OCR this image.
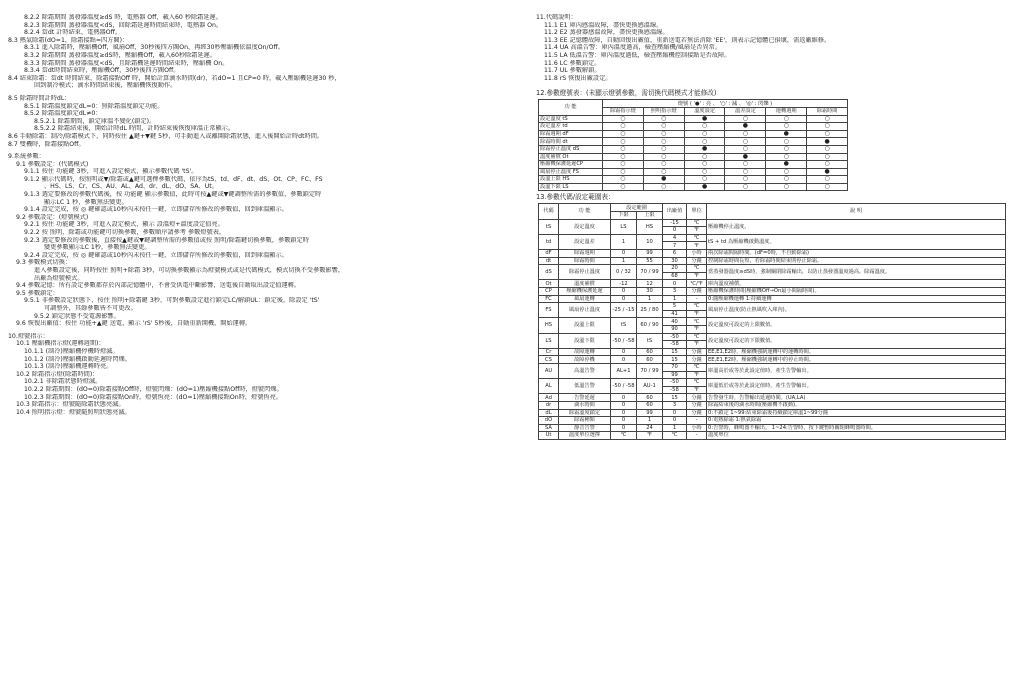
8.2.2 除霜期間 蒸發器溫度≥dS 時，電熱器 Off，載入60 秒除霜延遲。
8.2.3 除霜期間 蒸發器溫度<dS，回除霜延遲時間結束時，電熱器 On。
8.2.4 當dt 計時結束，電熱器Off。
8.3 熱氣除霜(dO=1，除霜接點=四方閥)：
8.3.1 進入除霜時，壓縮機Off，風扇Off，30秒後四方閥On，再經30秒壓縮機依溫度On/Off。
8.3.2 除霜期間 蒸發器溫度≥dS時，壓縮機Off，載入60秒除霜延遲。
8.3.3 除霜期間 蒸發器溫度<dS，且除霜機延遲時間結束時，壓縮機 On。
8.3.4 當dt時間結束時，壓縮機Off，30秒後四方閥Off。
8.4 結束除霜：當dt 時間結束，除霜接點Off 時，開始計算滴水時間(dr)，若dO=1 且CP=0 時，載入壓縮機延遲30 秒，
回到制冷模式；滴水時間結束後，壓縮機恢復動作。
8.5 除霜時間計時dL：
8.5.1 除霜溫度鎖定dL=0：無除霜溫度鎖定功能。
8.5.2 除霜溫度鎖定dL≠0：
8.5.2.1 除霜期間，鎖定庫溫不變化(鎖定)。
8.5.2.2 除霜結束後，開始計時dL 時間，計時結束後恢復庫溫正常顯示。
8.6 手動除霜：制冷/除霜模式下，同時按住 ▲鍵+▼鍵 5秒，可手動進入或離開除霜狀態，進入後開始計時dt時間。
8.7 雙機時，除霜接點Off。
9.系統參數：
9.1 參數設定：(代碼模式)
9.1.1 按住 功能鍵 3秒，可進入設定模式，顯示參數代碼 'tS'。
9.1.2 顯示代碼時，按照明或▼/除霜或▲鍵可選擇參數代碼，依序為tS、td、dF、dt、dS、Ot、CP、FC、FS
、HS、LS、Cr、CS、AU、AL、Ad、dr、dL、dO、SA、Ut。
9.1.3 選定要修改的參數代碼後，按 功能鍵 顯示參數值，此時可按▲鍵或▼鍵調整所需的參數值，參數鎖定時
顯示LC 1 秒，參數無法變更。
9.1.4 設定完成，按 ◎ 鍵確認或10秒內未按任一鍵，立即儲存所修改的參數值，回到庫溫顯示。
9.2 參數設定：(燈號模式)
9.2.1 按住 功能鍵 3秒，可進入設定模式，顯示 設溫燈+溫度設定值亮。
9.2.2 按 照明、除霜或功能鍵可切換參數，參數順序請參考 參數燈號表。
9.2.3 選定要修改的參數後，直接按▲鍵或▼鍵調整所需的參數值或按 照明/除霜鍵切換參數，參數鎖定時
變更參數顯示LC 1秒，參數無法變更。
9.2.4 設定完成，按 ◎ 鍵確認或10秒內未按任一鍵，立即儲存所修改的參數值，回到庫溫顯示。
9.3 參數模式切換：
進入參數設定後，同時按住 照明+除霜 3秒，可切換參數顯示為燈號模式或是代碼模式，模式切換不受參數影響，
出廠為燈號模式。
9.4 參數記憶：所有設定參數都存於內部記憶體中，不會受供電中斷影響，送電後自動取出設定值運轉。
9.5 參數鎖定：
9.5.1 非參數設定狀態下，按住 照明+除霜鍵 3秒，可對參數設定進行鎖定LC/解鎖UL：鎖定後，除設定 'tS'
可調整外，其餘參數皆不可更改。
9.5.2 鎖定狀態不受電源影響。
9.6 恢復出廠值：按住 功能+▲鍵 送電，顯示 'rS' 5秒後，自動重新開機，開始運轉。
10.燈號指示：
10.1 壓縮機指示燈(運轉週期)：
10.1.1 (制冷)壓縮機停機時燈滅。
10.1.2 (制冷)壓縮機啟動延遲時閃爍。
10.1.3 (制冷)壓縮機運轉時亮。
10.2 除霜指示燈(除霜時間)：
10.2.1 非除霜狀態時燈滅。
10.2.2 除霜期間：(dO=0)除霜接點Off時，燈號閃爍：(dO=1)壓縮機接點Off時，燈號閃爍。
10.2.3 除霜期間：(dO=0)除霜接點On時，燈號恆亮：(dO=1)壓縮機接點On時，燈號恆亮。
10.3 除霜指示：燈號隨除霜狀態亮滅。
10.4 照明指示燈：燈號隨照明狀態亮滅。
11.代碼說明：
11.1 E1 庫內感溫故障，盡快更換感溫線。
11.2 E2 蒸發器感溫故障，盡快更換感溫線。
11.3 EE 記憶體故障，自動回復出廠值，重新送電若無法消除 'EE'，則表示記憶體已損壞，需返廠維修。
11.4 UA 高溫告警：庫內溫度過高，檢查壓縮機/風扇是否異常。
11.5 LA 低溫告警：庫內溫度過低，檢查壓縮機控制接點是否故障。
11.6 LC 參數鎖定。
11.7 UL 參數解鎖。
11.8 rS 恢復出廠設定。
12.參數燈號表：(未顯示燈號參數，需切換代碼模式才能修改)
功 能	燈號 ( '●' : 亮 、 '○' : 滅 、 '◎' : 閃爍 )					
	除霜指示燈	照明指示燈	溫度設定	溫差設定	運轉週期	除霜時間
設定溫度 tS	○	○	●	○	○	○
設定溫差 td	○	○	○	●	○	○
除霜週期 dF	○	○	○	○	●	○
除霜時間 dt	○	○	○	○	○	●
除霜停止溫度 dS	○	○	●	○	○	○
溫度補償 Ot	○	○	○	●	○	○
壓縮機保護延遲CP	○	○	○	○	●	○
風扇停止溫度 FS	○	○	○	○	○	●
設溫上限 HS	○	●	○	○	○	○
設溫下限 LS	○	○	●	○	○	○
13.參數代碼/設定範圍表：
代碼	功 能	設定範圍		出廠值	單位	說 明
		下限	上限			
tS	設定溫度	LS	HS	-15	℃	壓縮機停止溫度。
				0	℉	
td	設定溫差	1	10	4	℃	tS + td 為壓縮機啟動溫度。
				7	℉	
dF	除霜週期	0	99	6	小時	兩次除霜間隔時間。(dF=0時，不自動除霜)
dt	除霜時間	1	55	30	分鐘	控制除霜時間長短，若除霜時間結束則停止除霜。
dS	除霜停止溫度	0 / 32	70 / 99	20	℃	當蒸發器溫度≥dS時，強制關閉除霜輸出，以防止蒸發器溫度過高。除霜溫度。
				68	℉	
Ot	溫度補償	-12	12	0	℃/℉	庫內溫度補償。
CP	壓縮機保護延遲	0	30	3	分鐘	壓縮機保護時間(壓縮機Off→On最小間隔時間)。
FC	風扇運轉	0	1	1	-	0:隨壓縮機運轉 1:持續運轉
FS	風扇停止溫度	-25 / -15	25 / 80	5	℃	風扇停止溫度(防止熱風吹入庫內)。
				41	℉	
HS	設溫上限	tS	60 / 90	40	℃	設定溫度可設定的上限數值。
				90	℉	
LS	設溫下限	-50 / -58	tS	-50	℃	設定溫度可設定的下限數值。
				-58	℉	
Cr	故障運轉	0	60	15	分鐘	EE,E1,E2時，壓縮機強制運轉中的運轉時間。
CS	故障停機	0	60	15	分鐘	EE,E1,E2時，壓縮機強制運轉中的停止時間。
AU	高溫告警	AL+1	70 / 99	70	℃	庫溫高於或等於此設定值時，產生告警輸出。
				99	℉	
AL	低溫告警	-50 / -58	AU-1	-50	℃	庫溫低於或等於此設定值時，產生告警輸出。
				-58	℉	
Ad	告警延遲	0	60	15	分鐘	告警發生時，告警輸出延遲時間。(UA,LA)
dr	滴水時間	0	60	3	分鐘	除霜結束後的滴水時間(壓縮機不啟動)。
dL	除霜溫度鎖定	0	99	0	分鐘	0:不鎖定 1~99:結束除霜後持續鎖定庫溫1~99分鐘
dO	除霜種類	0	1	0	-	0:電熱除霜 1:熱氣除霜
SA	靜音告警	0	24	1	小時	0:告警時，蜂鳴器不輸出。 1~24:告警時，按下鍵暫時關閉蜂鳴器時間。
Ut	溫度單位選擇	℃	℉	℃	-	溫度單位
